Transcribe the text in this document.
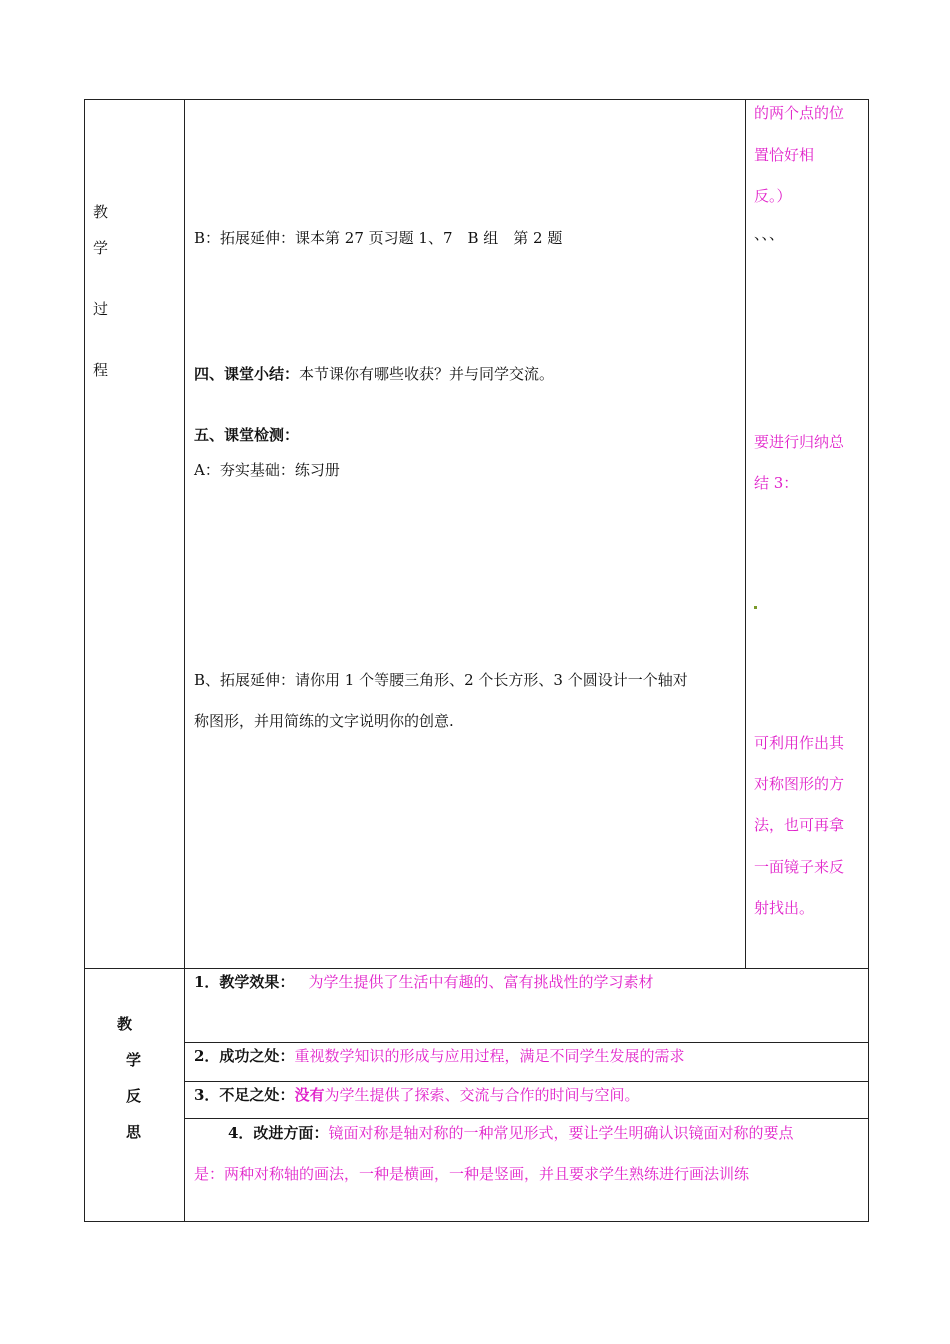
教
学
过
程
B：拓展延伸：课本第 27 页习题 1、7　B 组　第 2 题
四、课堂小结：本节课你有哪些收获？并与同学交流。
五、课堂检测：
A：夯实基础：练习册
B、拓展延伸：请你用 1 个等腰三角形、2 个长方形、3 个圆设计一个轴对
称图形，并用简练的文字说明你的创意.
的两个点的位
置恰好相
反。）
、、、
要进行归纳总
结 3：
可利用作出其
对称图形的方
法，也可再拿
一面镜子来反
射找出。
教
学
反
思
1．教学效果： 为学生提供了生活中有趣的、富有挑战性的学习素材
2．成功之处：重视数学知识的形成与应用过程，满足不同学生发展的需求
3．不足之处：没有为学生提供了探索、交流与合作的时间与空间。
4．改进方面：镜面对称是轴对称的一种常见形式，要让学生明确认识镜面对称的要点
是：两种对称轴的画法，一种是横画，一种是竖画，并且要求学生熟练进行画法训练
